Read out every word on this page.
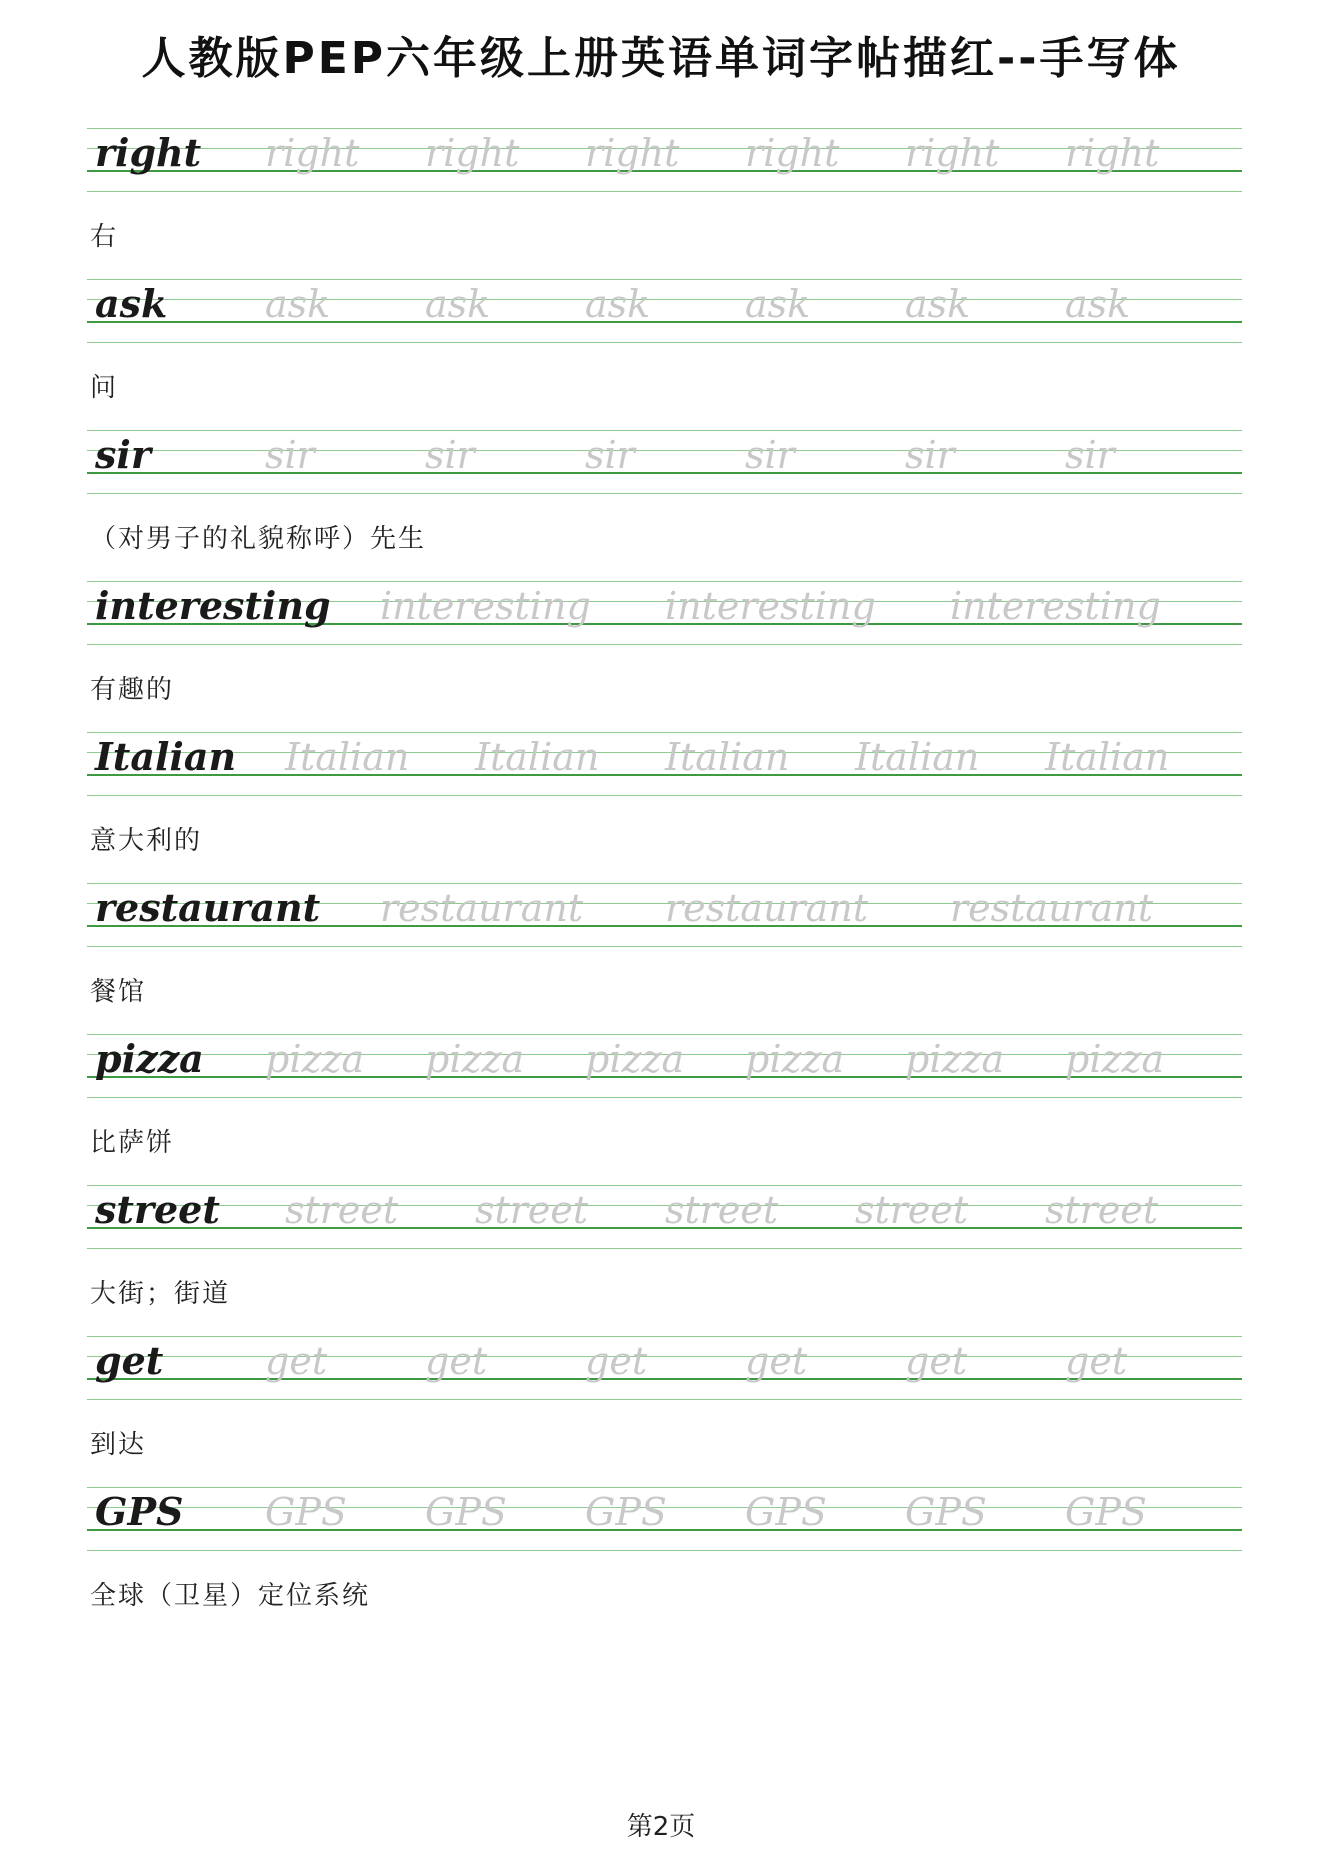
人教版PEP六年级上册英语单词字帖描红--手写体
right right right right right right right
右
ask	ask ask ask ask ask ask
问
sir	sir	sir	sir	sir	sir	sir
（对男子的礼貌称呼）先生
interesting interesting interesting interesting
有趣的
Italian Italian Italian Italian Italian Italian
意大利的
restaurant restaurant restaurant restaurant
餐馆
pizza pizza pizza pizza pizza pizza pizza
比萨饼
street street street street street street
大街；街道
get	get	get	get	get	get	get
到达
GPS GPS GPS GPS GPS GPS GPS
全球（卫星）定位系统
第2页
